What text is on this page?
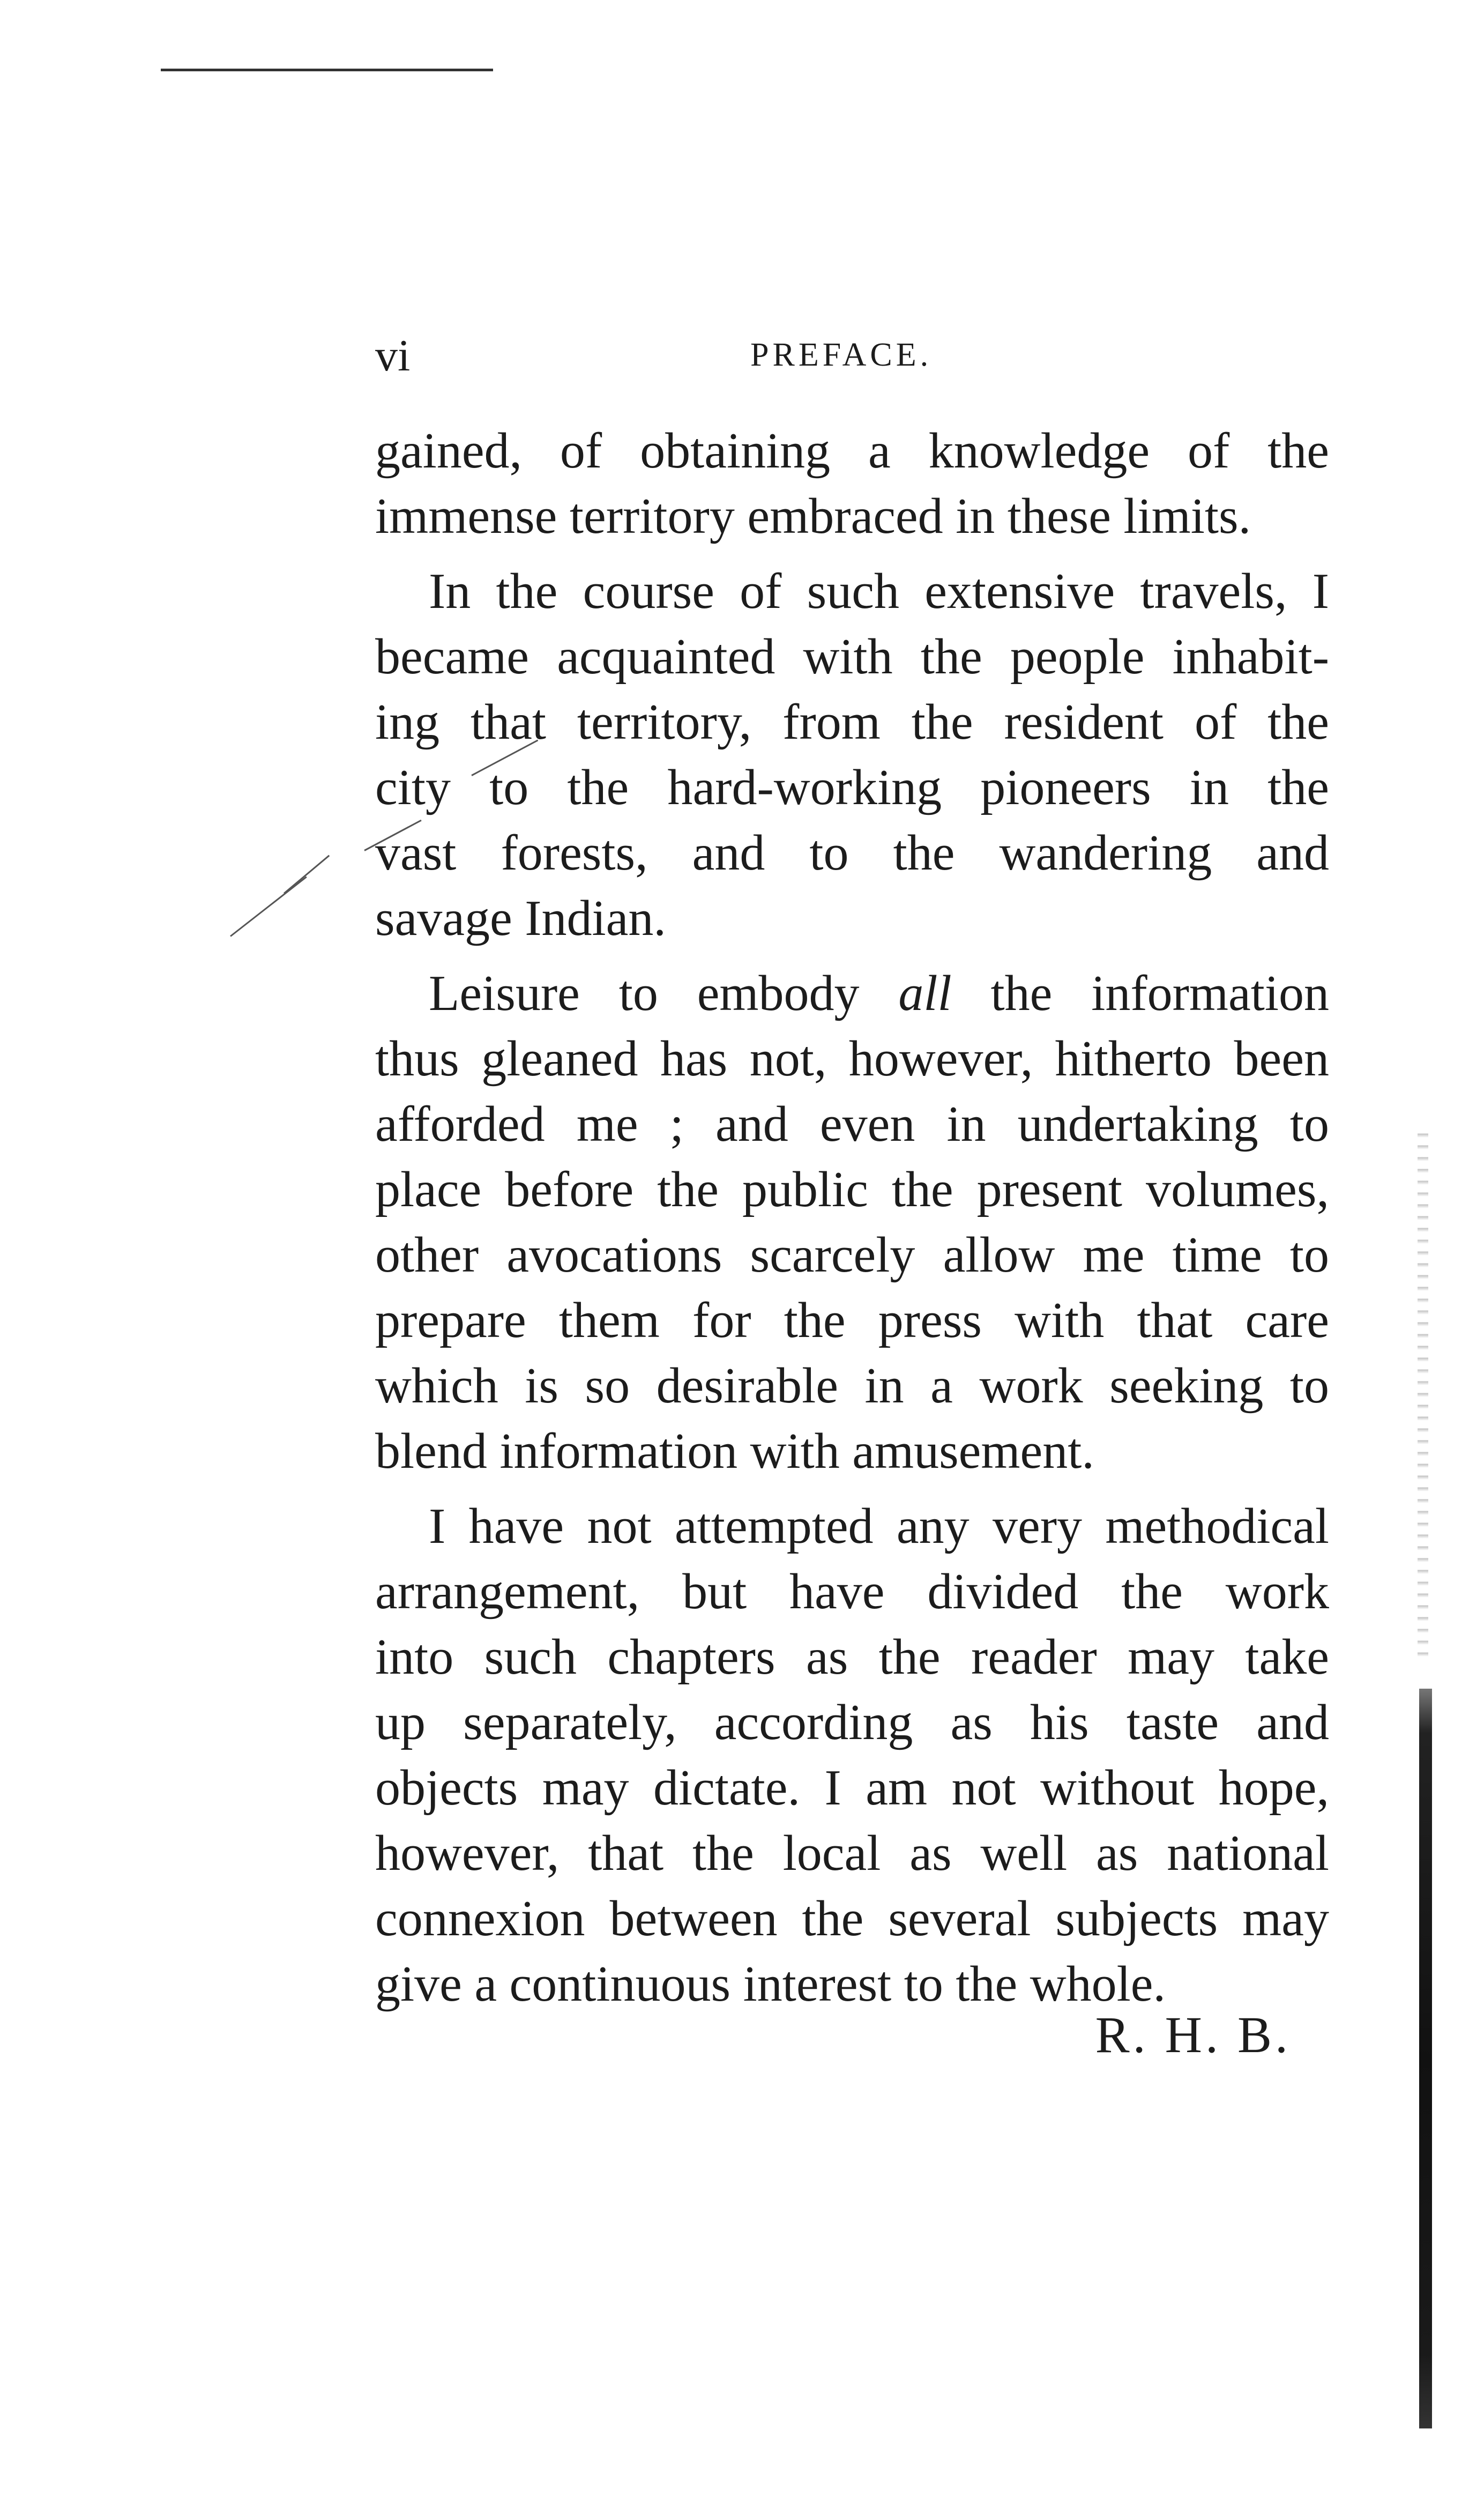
vi	PREFACE.
gained, of obtaining a knowledge of the
immense territory embraced in these limits.
In the course of such extensive travels, I
became acquainted with the people inhabit-
ing that territory, from the resident of the
city to the hard-working pioneers in the
vast forests, and to the wandering and
savage Indian.
Leisure to embody all the information
thus gleaned has not, however, hitherto been
afforded me ; and even in undertaking to
place before the public the present volumes,
other avocations scarcely allow me time to
prepare them for the press with that care
which is so desirable in a work seeking to
blend information with amusement.
I have not attempted any very methodical
arrangement, but have divided the work
into such chapters as the reader may take
up separately, according as his taste and
objects may dictate. I am not without hope,
however, that the local as well as national
connexion between the several subjects may
give a continuous interest to the whole.
R. H. B.
